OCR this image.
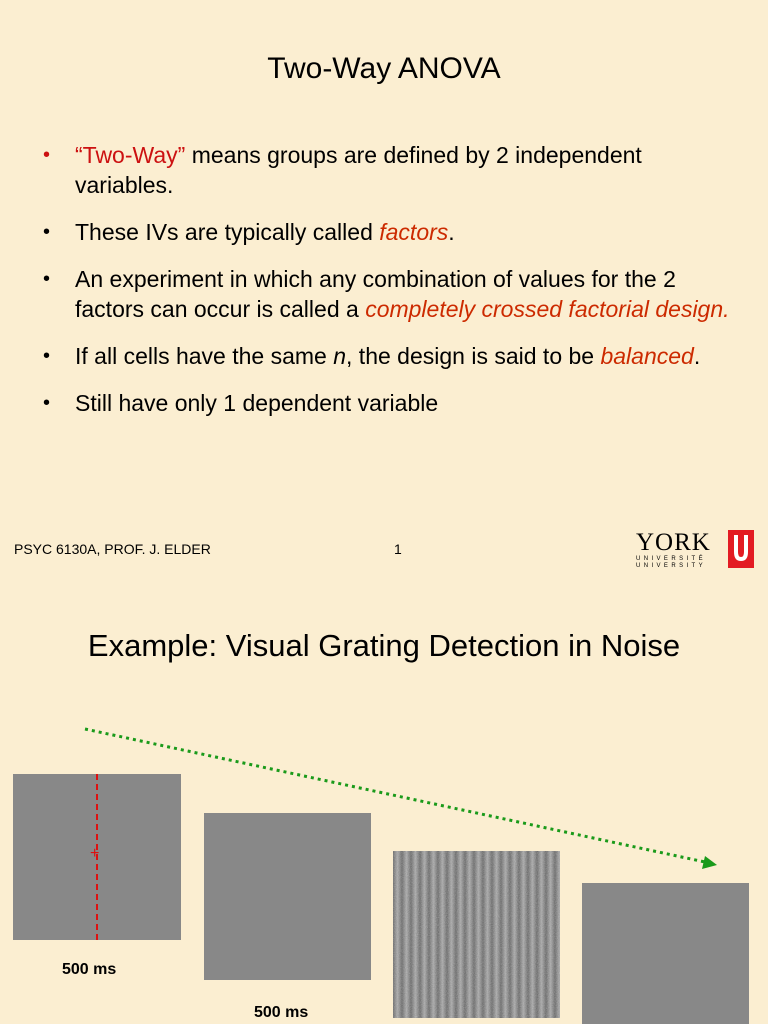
Two-Way ANOVA
•	“Two-Way” means groups are defined by 2 independent variables.
•	These IVs are typically called factors.
•	An experiment in which any combination of values for the 2 factors can occur is called a completely crossed factorial design.
•	If all cells have the same n, the design is said to be balanced.
•	Still have only 1 dependent variable
PSYC 6130A, PROF. J. ELDER	1	YORK
UNIVERSITÉ
UNIVERSITY
Example: Visual Grating Detection in Noise
+
500 ms
500 ms
